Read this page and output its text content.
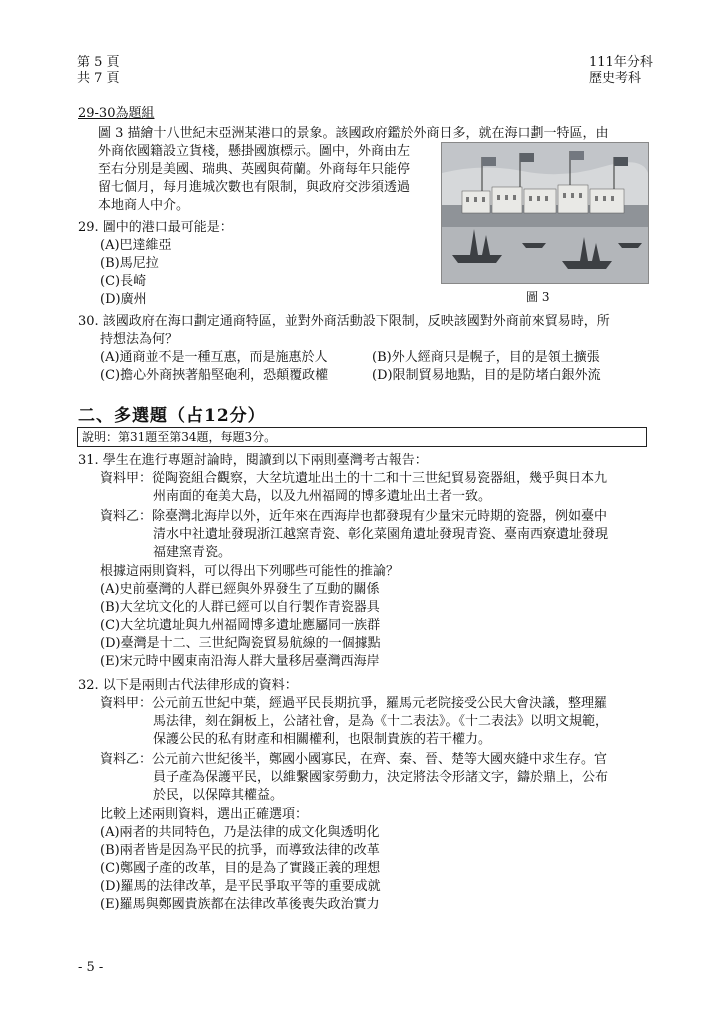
第 5 頁
共 7 頁
111年分科
歷史考科
29-30為題組
圖 3 描繪十八世紀末亞洲某港口的景象。該國政府鑑於外商日多，就在海口劃一特區，由
外商依國籍設立貨棧，懸掛國旗標示。圖中，外商由左
至右分別是美國、瑞典、英國與荷蘭。外商每年只能停
留七個月，每月進城次數也有限制，與政府交涉須透過
本地商人中介。
圖 3
29. 圖中的港口最可能是：
(A)巴達維亞
(B)馬尼拉
(C)長崎
(D)廣州
30. 該國政府在海口劃定通商特區，並對外商活動設下限制，反映該國對外商前來貿易時，所
持想法為何？
(A)通商並不是一種互惠，而是施惠於人	(B)外人經商只是幌子，目的是領土擴張
(C)擔心外商挾著船堅砲利，恐顛覆政權	(D)限制貿易地點，目的是防堵白銀外流
二、多選題（占12分）
說明：第31題至第34題，每題3分。
31. 學生在進行專題討論時，閱讀到以下兩則臺灣考古報告：
資料甲：從陶瓷組合觀察，大坌坑遺址出土的十二和十三世紀貿易瓷器組，幾乎與日本九
州南面的奄美大島，以及九州福岡的博多遺址出土者一致。
資料乙：除臺灣北海岸以外，近年來在西海岸也都發現有少量宋元時期的瓷器，例如臺中
清水中社遺址發現浙江越窯青瓷、彰化菜園角遺址發現青瓷、臺南西寮遺址發現
福建窯青瓷。
根據這兩則資料，可以得出下列哪些可能性的推論？
(A)史前臺灣的人群已經與外界發生了互動的關係
(B)大坌坑文化的人群已經可以自行製作青瓷器具
(C)大坌坑遺址與九州福岡博多遺址應屬同一族群
(D)臺灣是十二、三世紀陶瓷貿易航線的一個據點
(E)宋元時中國東南沿海人群大量移居臺灣西海岸
32. 以下是兩則古代法律形成的資料：
資料甲：公元前五世紀中葉，經過平民長期抗爭，羅馬元老院接受公民大會決議，整理羅
馬法律，刻在銅板上，公諸社會，是為《十二表法》。《十二表法》以明文規範，
保護公民的私有財產和相關權利，也限制貴族的若干權力。
資料乙：公元前六世紀後半，鄭國小國寡民，在齊、秦、晉、楚等大國夾縫中求生存。官
員子產為保護平民，以維繫國家勞動力，決定將法令形諸文字，鑄於鼎上，公布
於民，以保障其權益。
比較上述兩則資料，選出正確選項：
(A)兩者的共同特色，乃是法律的成文化與透明化
(B)兩者皆是因為平民的抗爭，而導致法律的改革
(C)鄭國子產的改革，目的是為了實踐正義的理想
(D)羅馬的法律改革，是平民爭取平等的重要成就
(E)羅馬與鄭國貴族都在法律改革後喪失政治實力
- 5 -
